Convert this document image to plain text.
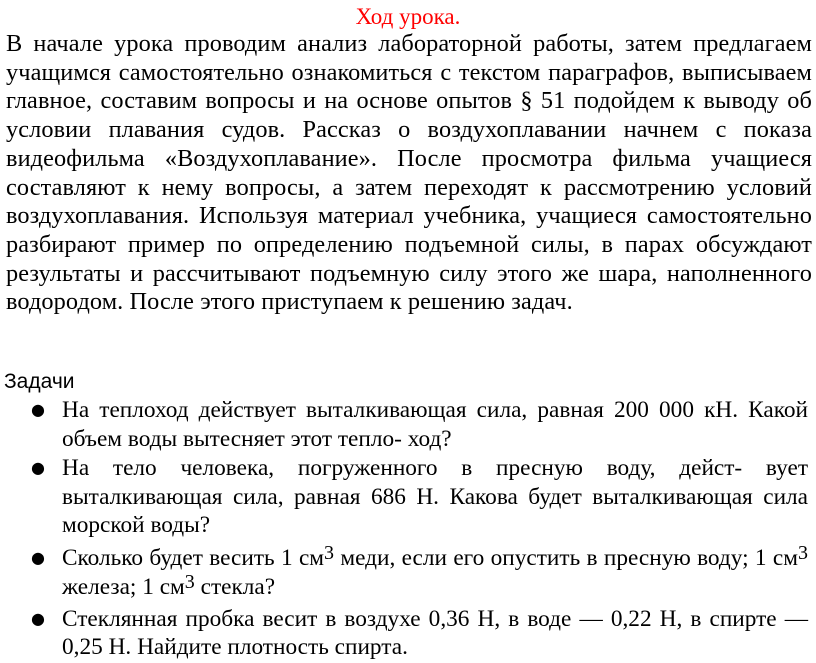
Ход урока.
В начале урока проводим анализ лабораторной работы, затем предлагаем учащимся самостоятельно ознакомиться с текстом параграфов, выписываем главное, составим вопросы и на основе опытов § 51 подойдем к выводу об условии плавания судов. Рассказ о воздухоплавании начнем с показа видеофильма «Воздухоплавание». После просмотра фильма учащиеся составляют к нему вопросы, а затем переходят к рассмотрению условий воздухоплавания. Используя материал учебника, учащиеся самостоятельно разбирают пример по определению подъемной силы, в парах обсуждают результаты и рассчитывают подъемную силу этого же шара, наполненного водородом. После этого приступаем к решению задач.
Задачи
● На теплоход действует выталкивающая сила, равная 200 000 кН. Какой объем воды вытесняет этот тепло- ход?
● На тело человека, погруженного в пресную воду, дейст- вует выталкивающая сила, равная 686 Н. Какова будет выталкивающая сила морской воды?
● Сколько будет весить 1 см3 меди, если его опустить в пресную воду; 1 см3 железа; 1 см3 стекла?
● Стеклянная пробка весит в воздухе 0,36 Н, в воде — 0,22 Н, в спирте — 0,25 Н. Найдите плотность спирта.
